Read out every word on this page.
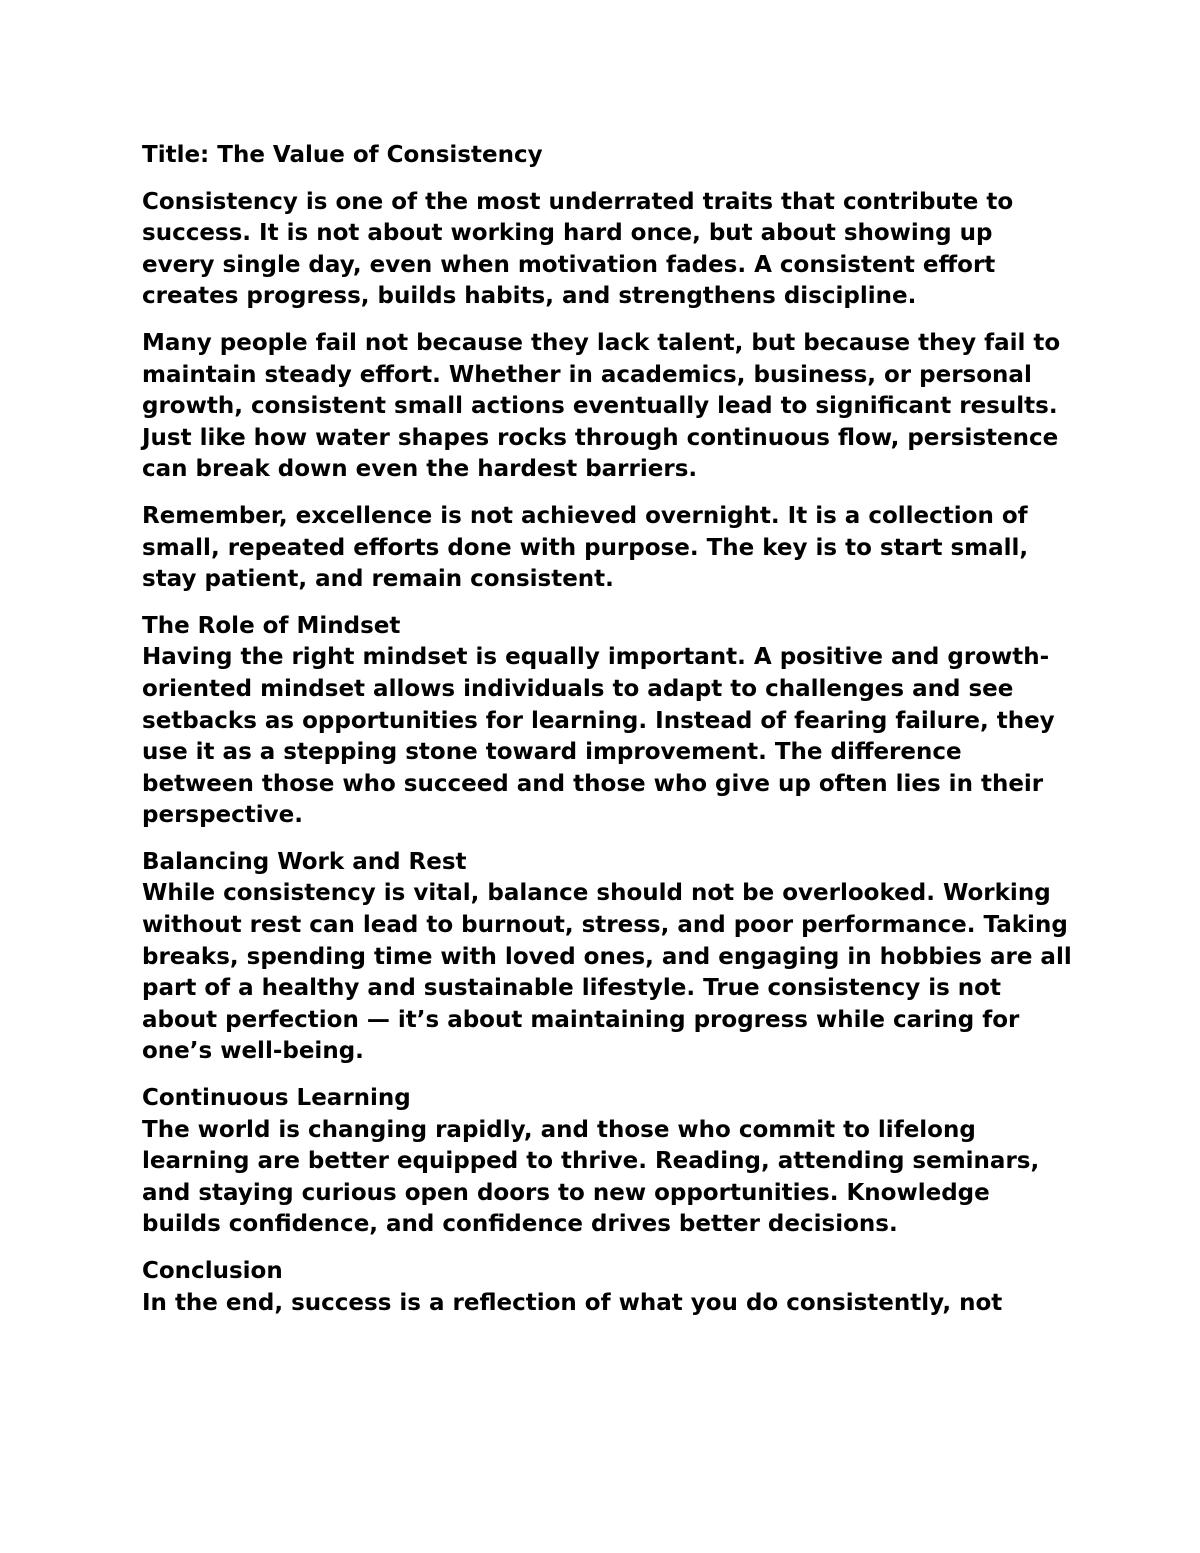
Title: The Value of Consistency

Consistency is one of the most underrated traits that contribute to success. It is not about working hard once, but about showing up every single day, even when motivation fades. A consistent effort creates progress, builds habits, and strengthens discipline.

Many people fail not because they lack talent, but because they fail to maintain steady effort. Whether in academics, business, or personal growth, consistent small actions eventually lead to significant results. Just like how water shapes rocks through continuous flow, persistence can break down even the hardest barriers.

Remember, excellence is not achieved overnight. It is a collection of small, repeated efforts done with purpose. The key is to start small, stay patient, and remain consistent.

The Role of Mindset

Having the right mindset is equally important. A positive and growth-oriented mindset allows individuals to adapt to challenges and see setbacks as opportunities for learning. Instead of fearing failure, they use it as a stepping stone toward improvement. The difference between those who succeed and those who give up often lies in their perspective.

Balancing Work and Rest

While consistency is vital, balance should not be overlooked. Working without rest can lead to burnout, stress, and poor performance. Taking breaks, spending time with loved ones, and engaging in hobbies are all part of a healthy and sustainable lifestyle. True consistency is not about perfection — it’s about maintaining progress while caring for one’s well-being.

Continuous Learning

The world is changing rapidly, and those who commit to lifelong learning are better equipped to thrive. Reading, attending seminars, and staying curious open doors to new opportunities. Knowledge builds confidence, and confidence drives better decisions.

Conclusion

In the end, success is a reflection of what you do consistently, not
